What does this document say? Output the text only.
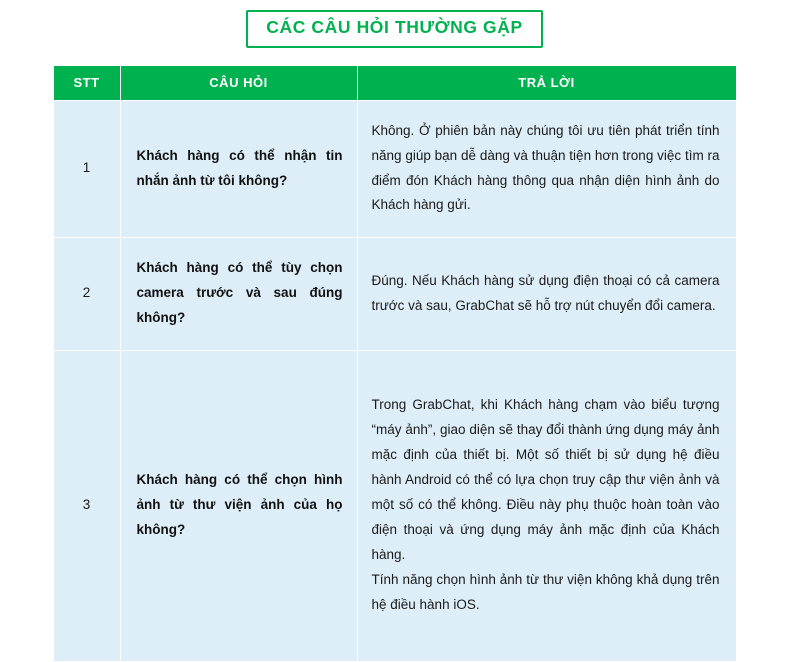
CÁC CÂU HỎI THƯỜNG GẶP
STT	CÂU HỎI	TRẢ LỜI
1	Khách hàng có thể nhận tin nhắn ảnh từ tôi không?	Không. Ở phiên bản này chúng tôi ưu tiên phát triển tính năng giúp bạn dễ dàng và thuận tiện hơn trong việc tìm ra điểm đón Khách hàng thông qua nhận diện hình ảnh do Khách hàng gửi.
2	Khách hàng có thể tùy chọn camera trước và sau đúng không?	Đúng. Nếu Khách hàng sử dụng điện thoại có cả camera trước và sau, GrabChat sẽ hỗ trợ nút chuyển đổi camera.
3	Khách hàng có thể chọn hình ảnh từ thư viện ảnh của họ không?	Trong GrabChat, khi Khách hàng chạm vào biểu tượng “máy ảnh”, giao diện sẽ thay đổi thành ứng dụng máy ảnh mặc định của thiết bị. Một số thiết bị sử dụng hệ điều hành Android có thể có lựa chọn truy cập thư viện ảnh và một số có thể không. Điều này phụ thuộc hoàn toàn vào điện thoại và ứng dụng máy ảnh mặc định của Khách hàng.

Tính năng chọn hình ảnh từ thư viện không khả dụng trên hệ điều hành iOS.
